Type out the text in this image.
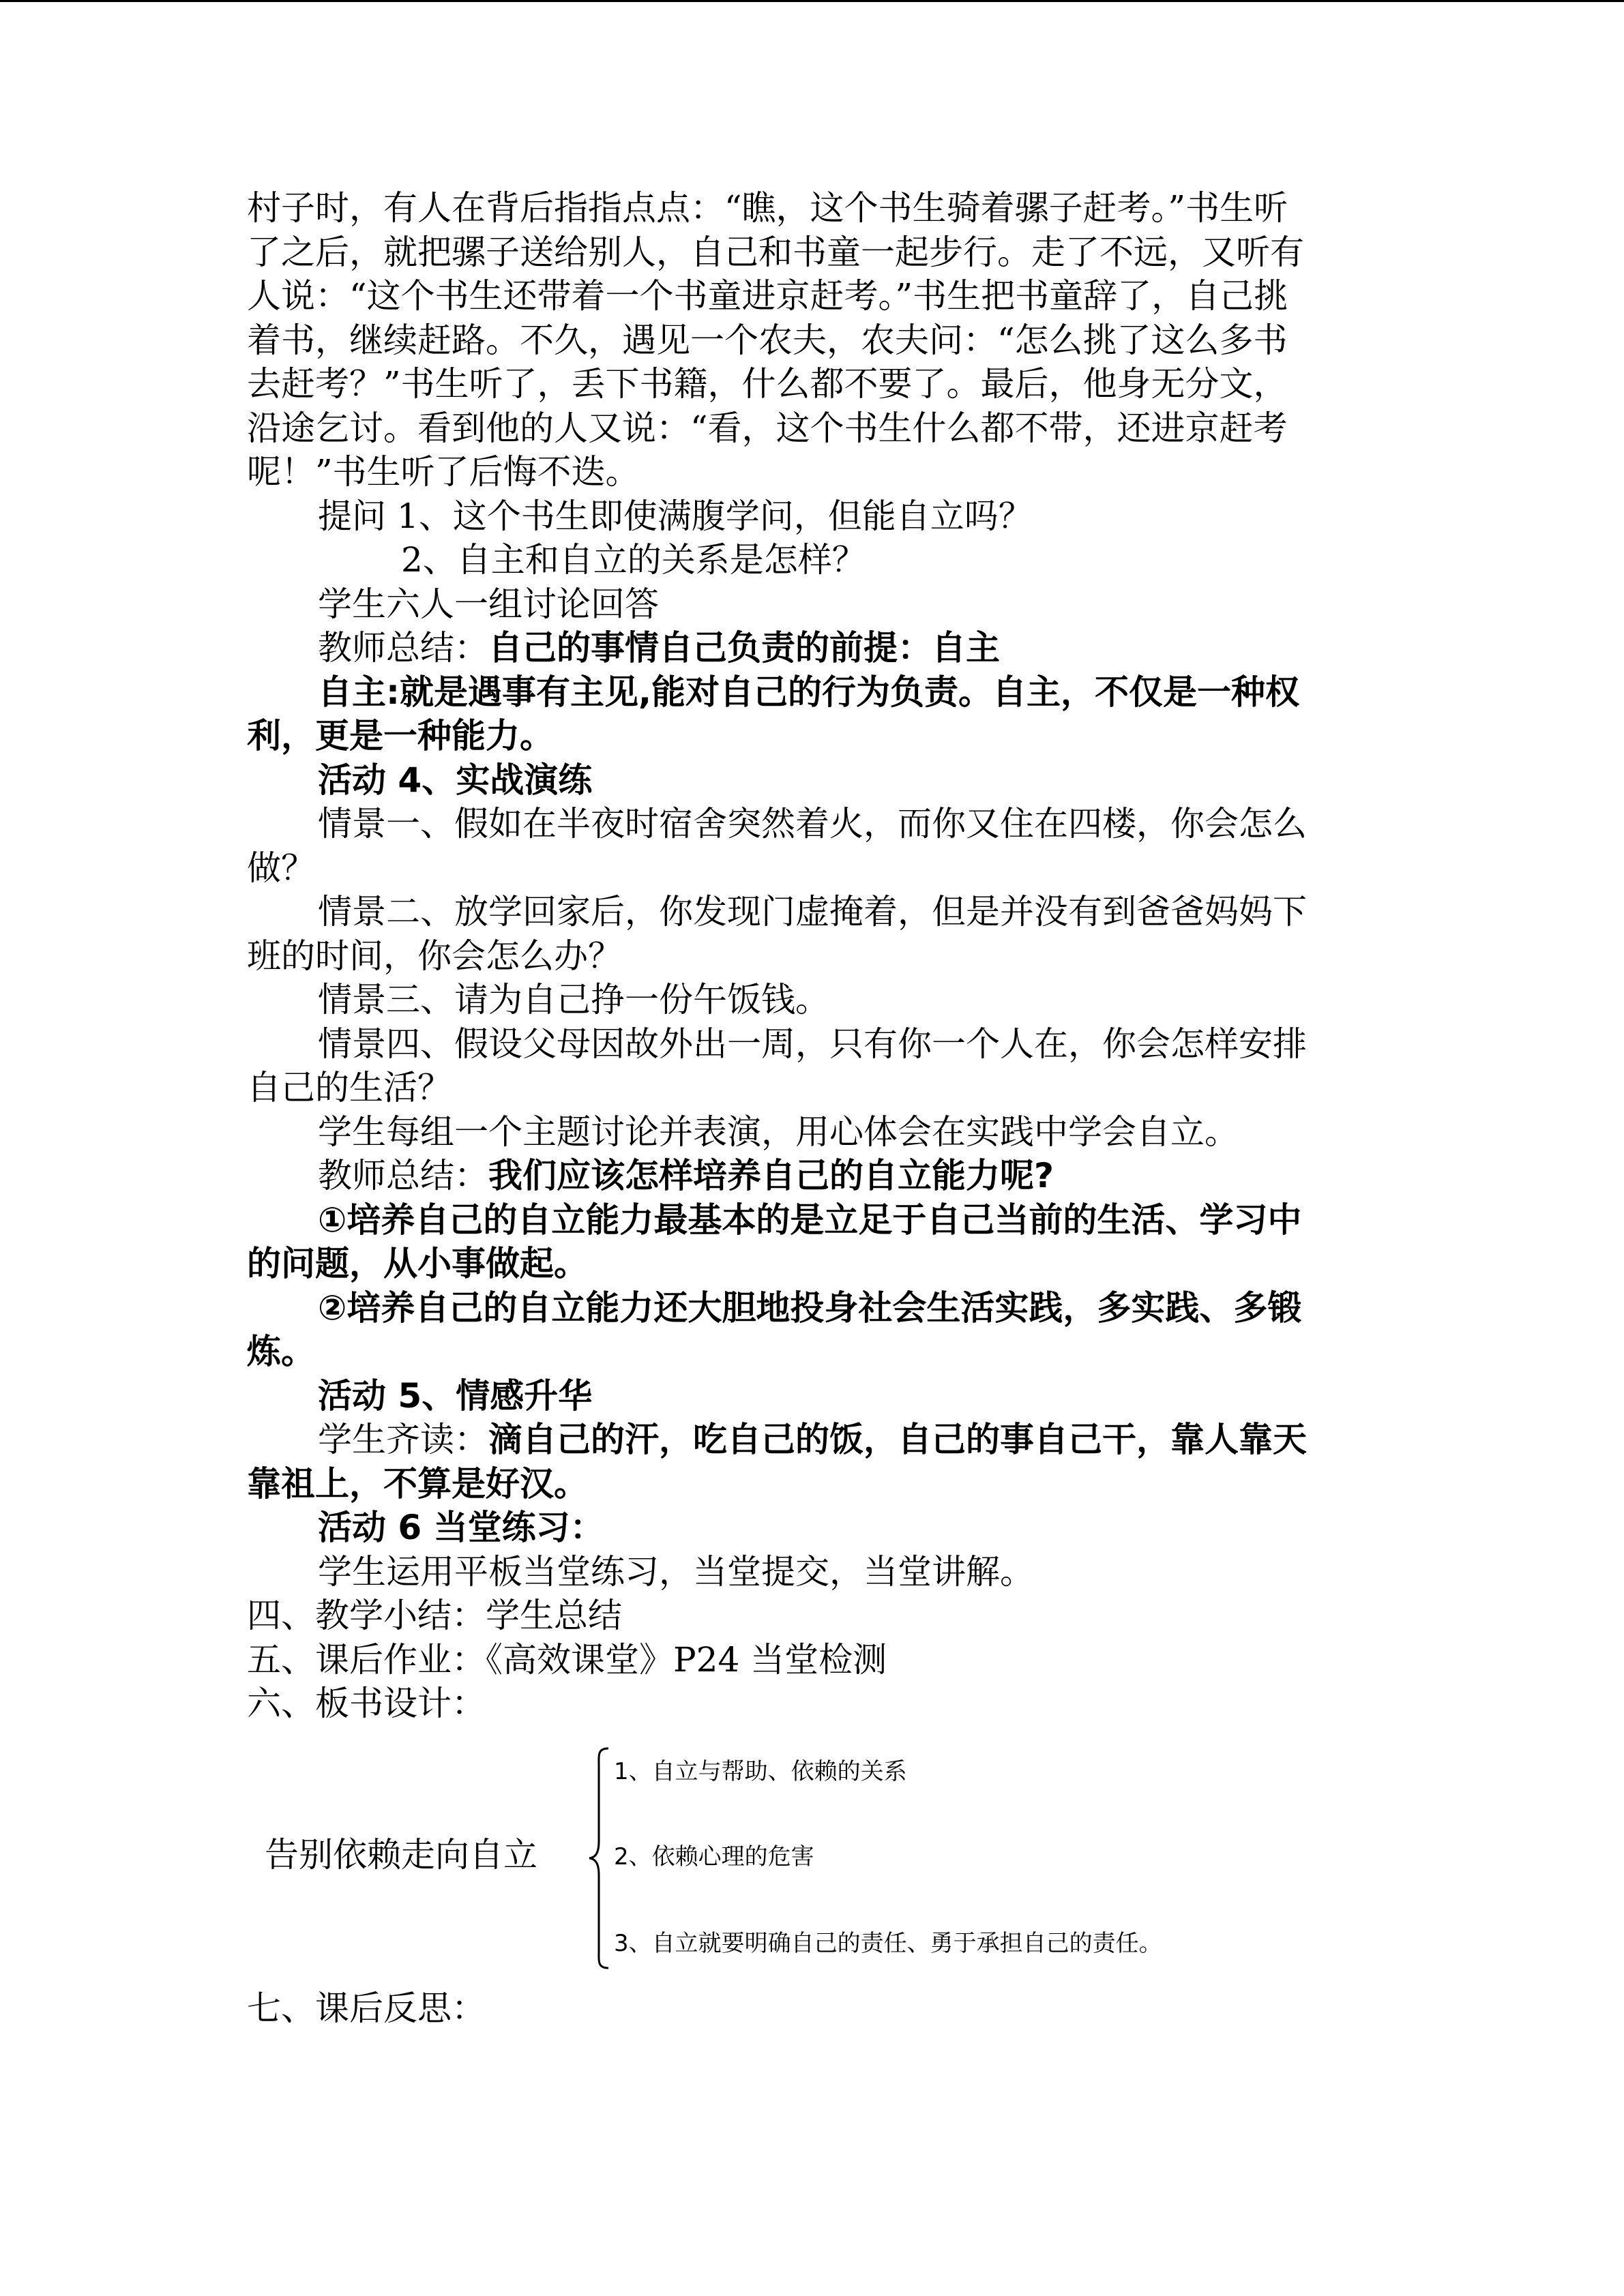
村子时，有人在背后指指点点：“瞧，这个书生骑着骡子赶考。”书生听
了之后，就把骡子送给别人，自己和书童一起步行。走了不远，又听有
人说：“这个书生还带着一个书童进京赶考。”书生把书童辞了，自己挑
着书，继续赶路。不久，遇见一个农夫，农夫问：“怎么挑了这么多书
去赶考？”书生听了，丢下书籍，什么都不要了。最后，他身无分文，
沿途乞讨。看到他的人又说：“看，这个书生什么都不带，还进京赶考
呢！”书生听了后悔不迭。
提问 1、这个书生即使满腹学问，但能自立吗？
2、自主和自立的关系是怎样？
学生六人一组讨论回答
教师总结：自己的事情自己负责的前提：自主
自主:就是遇事有主见,能对自己的行为负责。自主，不仅是一种权
利，更是一种能力。
活动 4、实战演练
情景一、假如在半夜时宿舍突然着火，而你又住在四楼，你会怎么
做？
情景二、放学回家后，你发现门虚掩着，但是并没有到爸爸妈妈下
班的时间，你会怎么办？
情景三、请为自己挣一份午饭钱。
情景四、假设父母因故外出一周，只有你一个人在，你会怎样安排
自己的生活？
学生每组一个主题讨论并表演，用心体会在实践中学会自立。
教师总结：我们应该怎样培养自己的自立能力呢?
①培养自己的自立能力最基本的是立足于自己当前的生活、学习中
的问题，从小事做起。
②培养自己的自立能力还大胆地投身社会生活实践，多实践、多锻
炼。
活动 5、情感升华
学生齐读：滴自己的汗，吃自己的饭，自己的事自己干，靠人靠天
靠祖上，不算是好汉。
活动 6 当堂练习：
学生运用平板当堂练习，当堂提交，当堂讲解。
四、教学小结：学生总结
五、课后作业：《高效课堂》P24 当堂检测
六、板书设计：
告别依赖走向自立
1、自立与帮助、依赖的关系
2、依赖心理的危害
3、自立就要明确自己的责任、勇于承担自己的责任。
七、课后反思：
